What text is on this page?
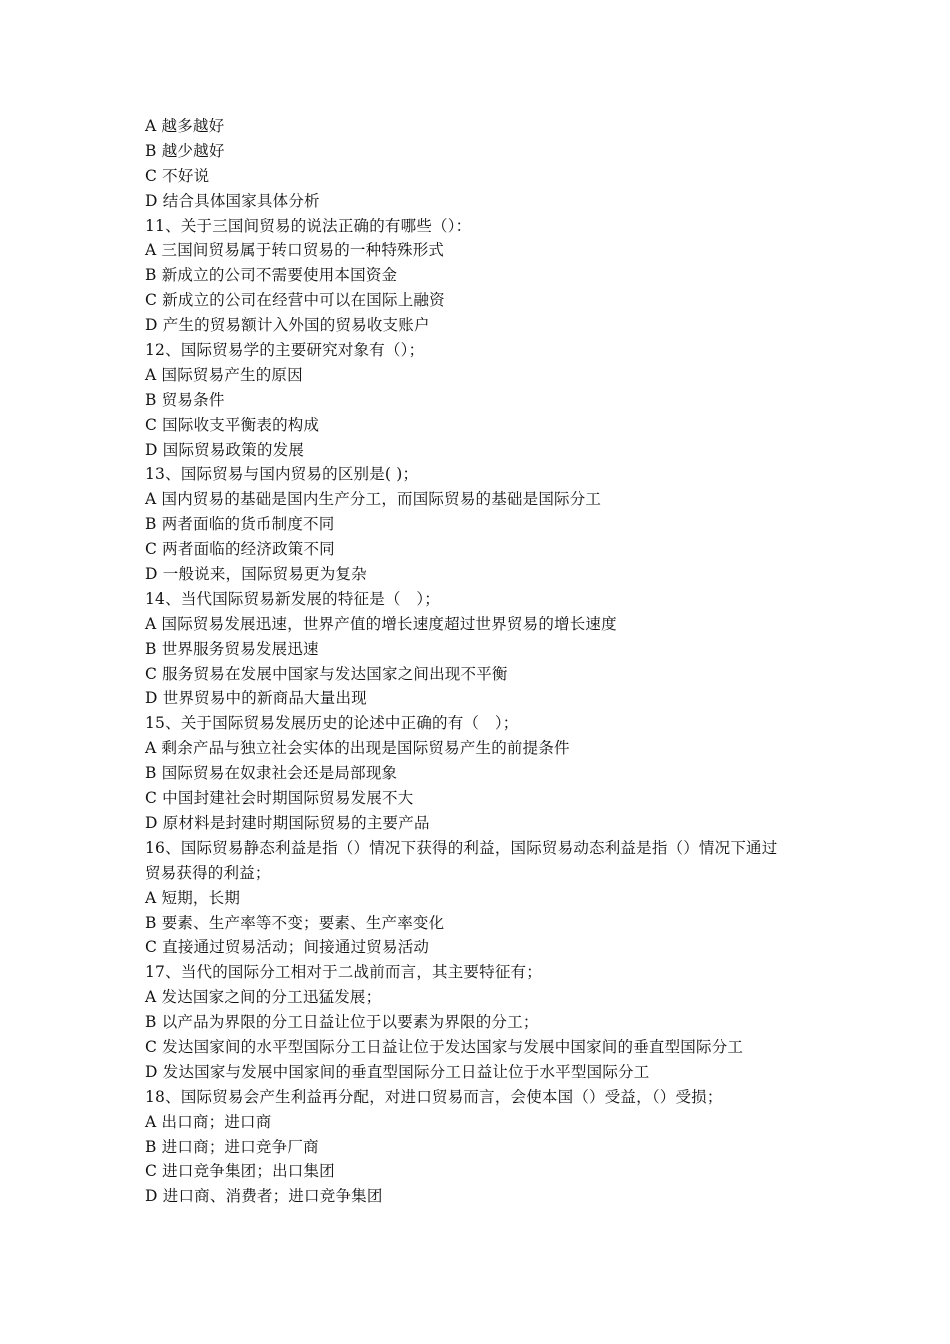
A 越多越好
B 越少越好
C 不好说
D 结合具体国家具体分析
11、关于三国间贸易的说法正确的有哪些（）：
A 三国间贸易属于转口贸易的一种特殊形式
B 新成立的公司不需要使用本国资金
C 新成立的公司在经营中可以在国际上融资
D 产生的贸易额计入外国的贸易收支账户
12、国际贸易学的主要研究对象有（）；
A 国际贸易产生的原因
B 贸易条件
C 国际收支平衡表的构成
D 国际贸易政策的发展
13、国际贸易与国内贸易的区别是( )；
A 国内贸易的基础是国内生产分工，而国际贸易的基础是国际分工
B 两者面临的货币制度不同
C 两者面临的经济政策不同
D 一般说来，国际贸易更为复杂
14、当代国际贸易新发展的特征是（　）；
A 国际贸易发展迅速，世界产值的增长速度超过世界贸易的增长速度
B 世界服务贸易发展迅速
C 服务贸易在发展中国家与发达国家之间出现不平衡
D 世界贸易中的新商品大量出现
15、关于国际贸易发展历史的论述中正确的有（　）；
A 剩余产品与独立社会实体的出现是国际贸易产生的前提条件
B 国际贸易在奴隶社会还是局部现象
C 中国封建社会时期国际贸易发展不大
D 原材料是封建时期国际贸易的主要产品
16、国际贸易静态利益是指（）情况下获得的利益，国际贸易动态利益是指（）情况下通过
贸易获得的利益；
A 短期，长期
B 要素、生产率等不变；要素、生产率变化
C 直接通过贸易活动；间接通过贸易活动
17、当代的国际分工相对于二战前而言，其主要特征有；
A 发达国家之间的分工迅猛发展；
B 以产品为界限的分工日益让位于以要素为界限的分工；
C 发达国家间的水平型国际分工日益让位于发达国家与发展中国家间的垂直型国际分工
D 发达国家与发展中国家间的垂直型国际分工日益让位于水平型国际分工
18、国际贸易会产生利益再分配，对进口贸易而言，会使本国（）受益，（）受损；
A 出口商；进口商
B 进口商；进口竞争厂商
C 进口竞争集团；出口集团
D 进口商、消费者；进口竞争集团
